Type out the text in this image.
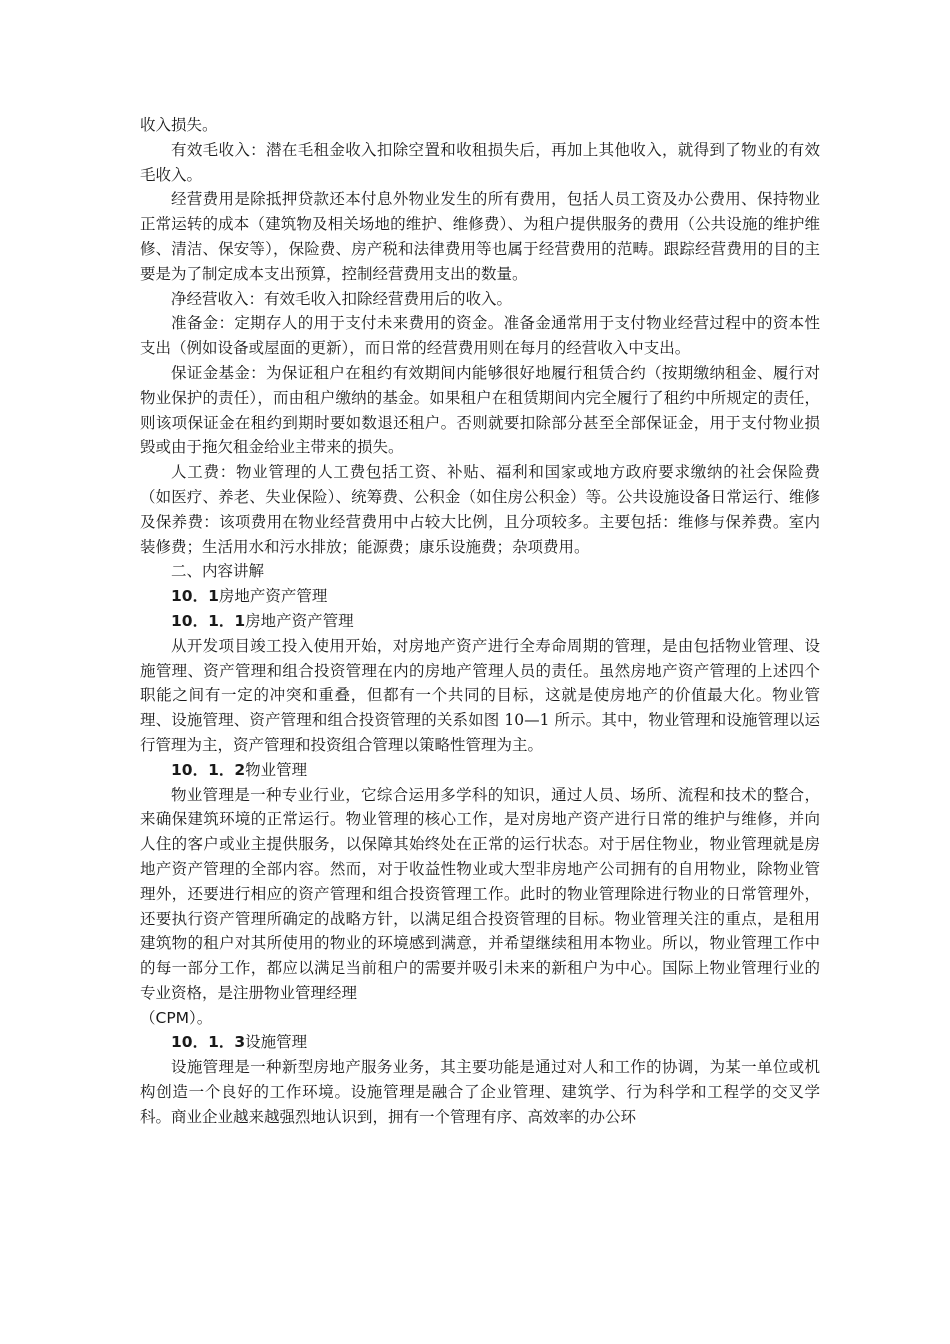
收入损失。

有效毛收入：潜在毛租金收入扣除空置和收租损失后，再加上其他收入，就得到了物业的有效毛收入。

经营费用是除抵押贷款还本付息外物业发生的所有费用，包括人员工资及办公费用、保持物业正常运转的成本（建筑物及相关场地的维护、维修费）、为租户提供服务的费用（公共设施的维护维修、清洁、保安等），保险费、房产税和法律费用等也属于经营费用的范畴。跟踪经营费用的目的主要是为了制定成本支出预算，控制经营费用支出的数量。

净经营收入：有效毛收入扣除经营费用后的收入。

准备金：定期存人的用于支付未来费用的资金。准备金通常用于支付物业经营过程中的资本性支出（例如设备或屋面的更新），而日常的经营费用则在每月的经营收入中支出。

保证金基金：为保证租户在租约有效期间内能够很好地履行租赁合约（按期缴纳租金、履行对物业保护的责任），而由租户缴纳的基金。如果租户在租赁期间内完全履行了租约中所规定的责任，则该项保证金在租约到期时要如数退还租户。否则就要扣除部分甚至全部保证金，用于支付物业损毁或由于拖欠租金给业主带来的损失。

人工费：物业管理的人工费包括工资、补贴、福利和国家或地方政府要求缴纳的社会保险费（如医疗、养老、失业保险）、统筹费、公积金（如住房公积金）等。公共设施设备日常运行、维修及保养费：该项费用在物业经营费用中占较大比例，且分项较多。主要包括：维修与保养费。室内装修费；生活用水和污水排放；能源费；康乐设施费；杂项费用。

二、内容讲解

10．1房地产资产管理

10．1．1房地产资产管理

从开发项目竣工投入使用开始，对房地产资产进行全寿命周期的管理，是由包括物业管理、设施管理、资产管理和组合投资管理在内的房地产管理人员的责任。虽然房地产资产管理的上述四个职能之间有一定的冲突和重叠，但都有一个共同的目标，这就是使房地产的价值最大化。物业管理、设施管理、资产管理和组合投资管理的关系如图 10—1 所示。其中，物业管理和设施管理以运行管理为主，资产管理和投资组合管理以策略性管理为主。

10．1．2物业管理

物业管理是一种专业行业，它综合运用多学科的知识，通过人员、场所、流程和技术的整合，来确保建筑环境的正常运行。物业管理的核心工作，是对房地产资产进行日常的维护与维修，并向人住的客户或业主提供服务，以保障其始终处在正常的运行状态。对于居住物业，物业管理就是房地产资产管理的全部内容。然而，对于收益性物业或大型非房地产公司拥有的自用物业，除物业管理外，还要进行相应的资产管理和组合投资管理工作。此时的物业管理除进行物业的日常管理外，还要执行资产管理所确定的战略方针，以满足组合投资管理的目标。物业管理关注的重点，是租用建筑物的租户对其所使用的物业的环境感到满意，并希望继续租用本物业。所以，物业管理工作中的每一部分工作，都应以满足当前租户的需要并吸引未来的新租户为中心。国际上物业管理行业的专业资格，是注册物业管理经理

（CPM）。

10．1．3设施管理

设施管理是一种新型房地产服务业务，其主要功能是通过对人和工作的协调，为某一单位或机构创造一个良好的工作环境。设施管理是融合了企业管理、建筑学、行为科学和工程学的交叉学科。商业企业越来越强烈地认识到，拥有一个管理有序、高效率的办公环
